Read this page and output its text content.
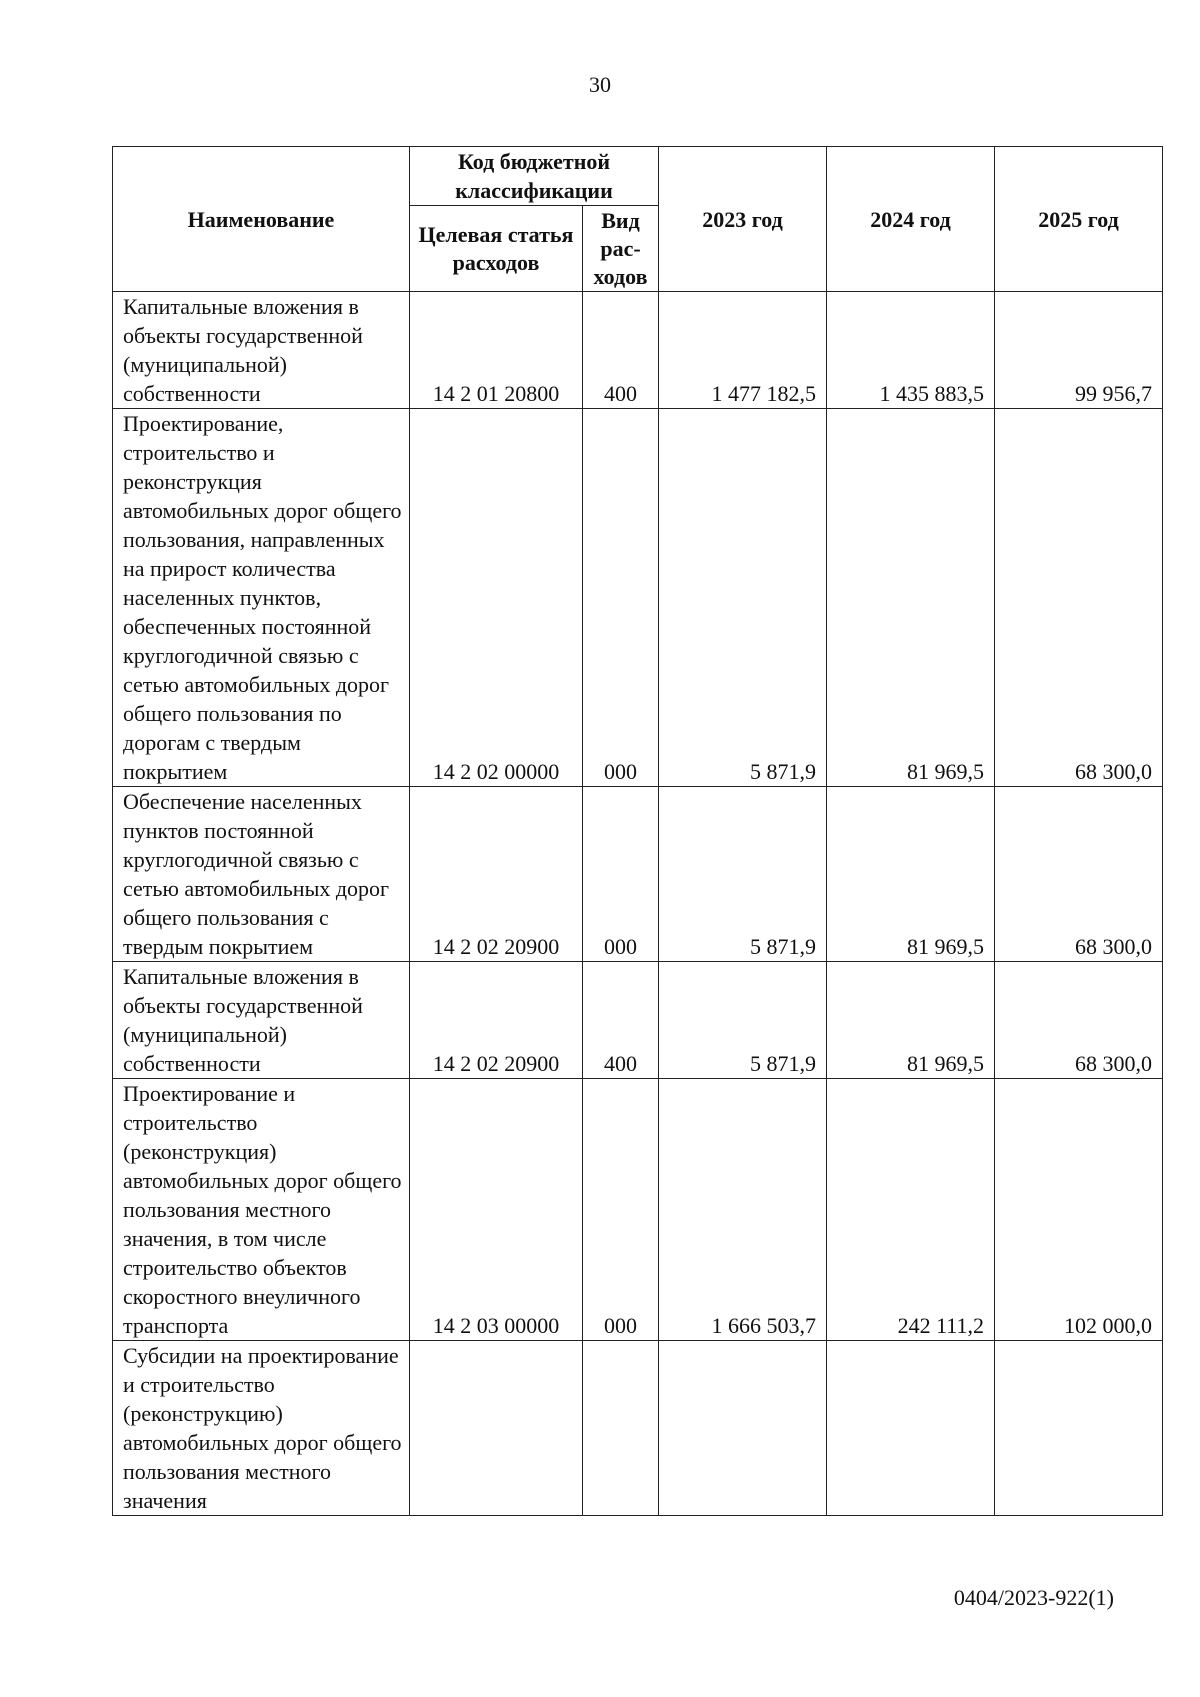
30
Наименование	Код бюджетной классификации		2023 год	2024 год	2025 год
	Целевая статья расходов	Вид рас-ходов			
Капитальные вложения в объекты государственной (муниципальной) собственности	14 2 01 20800	400	1 477 182,5	1 435 883,5	99 956,7
Проектирование, строительство и реконструкция автомобильных дорог общего пользования, направленных на прирост количества населенных пунктов, обеспеченных постоянной круглогодичной связью с сетью автомобильных дорог общего пользования по дорогам с твердым покрытием	14 2 02 00000	000	5 871,9	81 969,5	68 300,0
Обеспечение населенных пунктов постоянной круглогодичной связью с сетью автомобильных дорог общего пользования с твердым покрытием	14 2 02 20900	000	5 871,9	81 969,5	68 300,0
Капитальные вложения в объекты государственной (муниципальной) собственности	14 2 02 20900	400	5 871,9	81 969,5	68 300,0
Проектирование и строительство (реконструкция) автомобильных дорог общего пользования местного значения, в том числе строительство объектов скоростного внеуличного транспорта	14 2 03 00000	000	1 666 503,7	242 111,2	102 000,0
Субсидии на проектирование и строительство (реконструкцию) автомобильных дорог общего пользования местного значения					
0404/2023-922(1)
